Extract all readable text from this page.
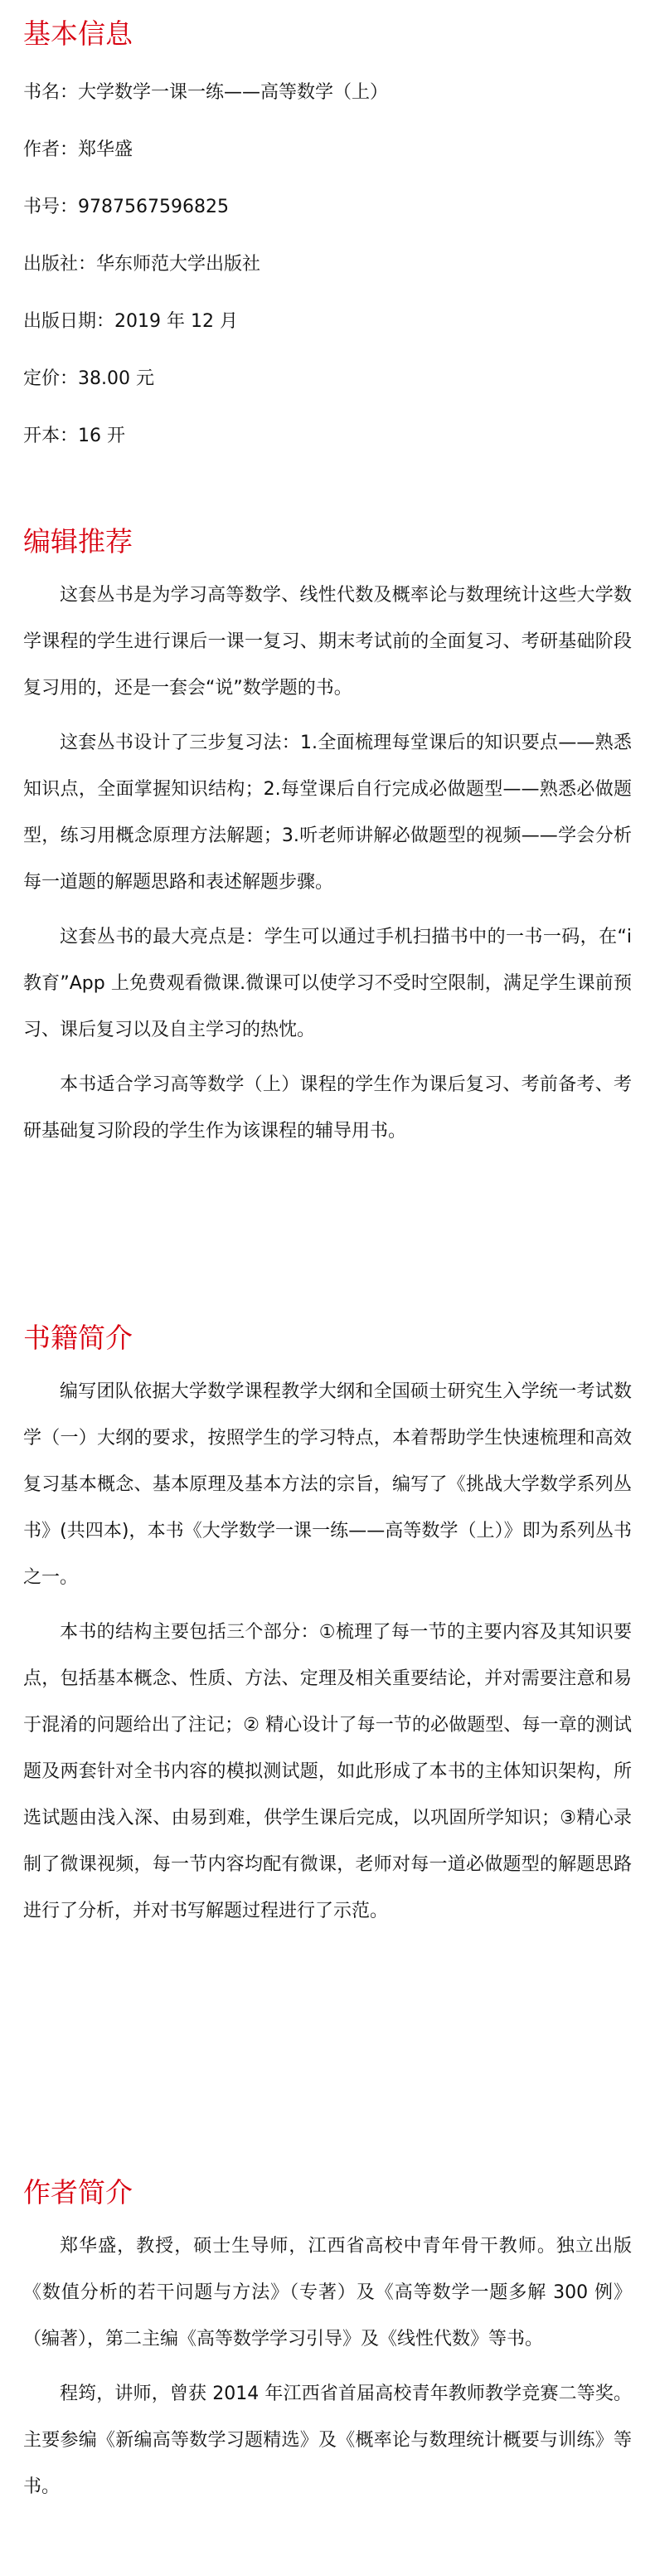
基本信息

书名：大学数学一课一练——高等数学（上）

作者：郑华盛

书号：9787567596825

出版社：华东师范大学出版社

出版日期：2019 年 12 月

定价：38.00 元

开本：16 开

编辑推荐

这套丛书是为学习高等数学、线性代数及概率论与数理统计这些大学数学课程的学生进行课后一课一复习、期末考试前的全面复习、考研基础阶段复习用的，还是一套会“说”数学题的书。

这套丛书设计了三步复习法：1.全面梳理每堂课后的知识要点——熟悉知识点，全面掌握知识结构；2.每堂课后自行完成必做题型——熟悉必做题型，练习用概念原理方法解题；3.听老师讲解必做题型的视频——学会分析每一道题的解题思路和表述解题步骤。

这套丛书的最大亮点是：学生可以通过手机扫描书中的一书一码，在“i 教育”App 上免费观看微课.微课可以使学习不受时空限制，满足学生课前预习、课后复习以及自主学习的热忱。

本书适合学习高等数学（上）课程的学生作为课后复习、考前备考、考研基础复习阶段的学生作为该课程的辅导用书。

书籍简介

编写团队依据大学数学课程教学大纲和全国硕士研究生入学统一考试数学（一）大纲的要求，按照学生的学习特点，本着帮助学生快速梳理和高效复习基本概念、基本原理及基本方法的宗旨，编写了《挑战大学数学系列丛书》(共四本)，本书《大学数学一课一练——高等数学（上）》即为系列丛书之一。

本书的结构主要包括三个部分：①梳理了每一节的主要内容及其知识要点，包括基本概念、性质、方法、定理及相关重要结论，并对需要注意和易于混淆的问题给出了注记；② 精心设计了每一节的必做题型、每一章的测试题及两套针对全书内容的模拟测试题，如此形成了本书的主体知识架构，所选试题由浅入深、由易到难，供学生课后完成，以巩固所学知识；③精心录制了微课视频，每一节内容均配有微课，老师对每一道必做题型的解题思路进行了分析，并对书写解题过程进行了示范。

作者简介

郑华盛，教授，硕士生导师，江西省高校中青年骨干教师。独立出版《数值分析的若干问题与方法》（专著）及《高等数学一题多解 300 例》（编著），第二主编《高等数学学习引导》及《线性代数》等书。

程筠，讲师，曾获 2014 年江西省首届高校青年教师教学竞赛二等奖。主要参编《新编高等数学习题精选》及《概率论与数理统计概要与训练》等书。
